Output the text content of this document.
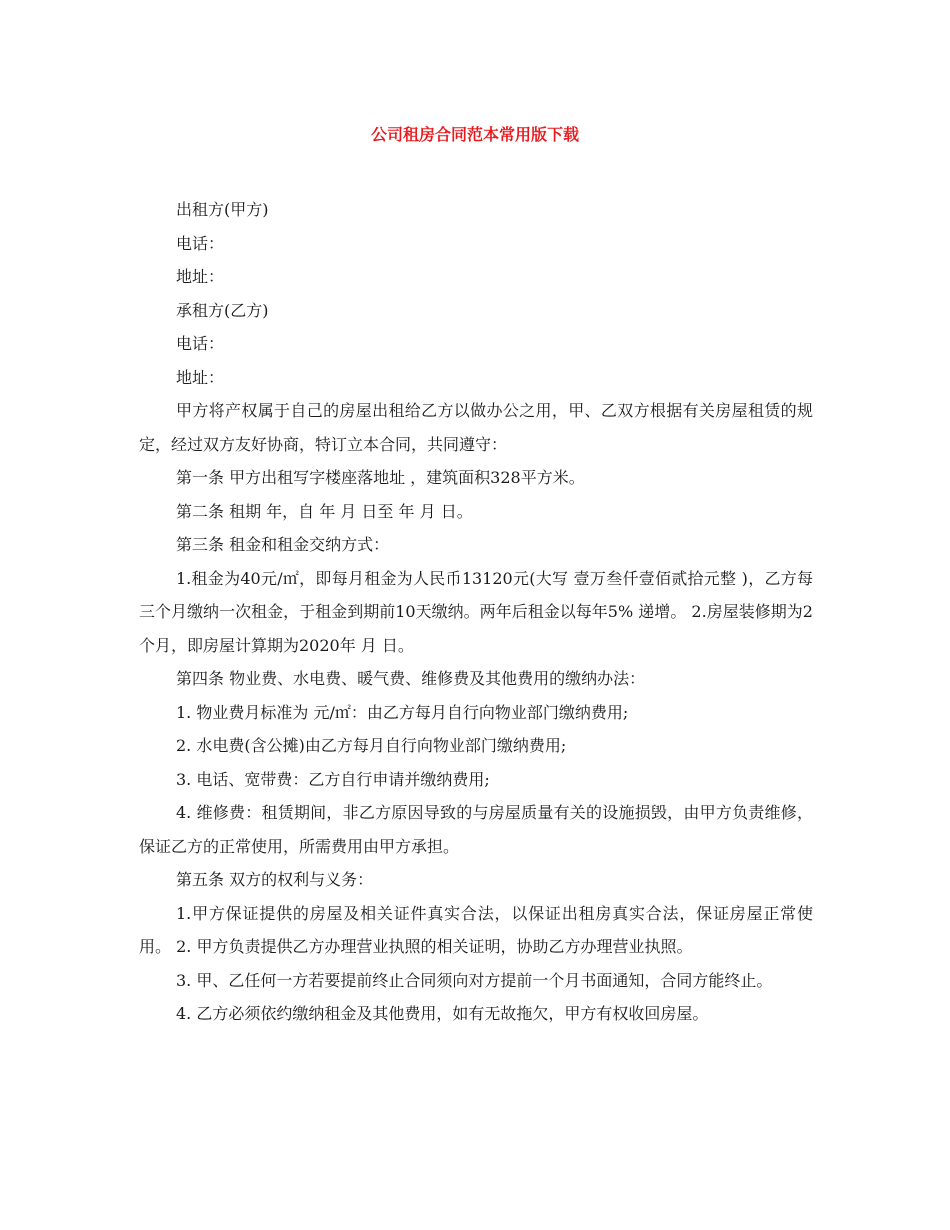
公司租房合同范本常用版下载

出租方(甲方)

电话：

地址：

承租方(乙方)

电话：

地址：

甲方将产权属于自己的房屋出租给乙方以做办公之用，甲、乙双方根据有关房屋租赁的规定，经过双方友好协商，特订立本合同，共同遵守：

第一条 甲方出租写字楼座落地址 ，建筑面积328平方米。

第二条 租期 年，自 年 月 日至 年 月 日。

第三条 租金和租金交纳方式：

1.租金为40元/㎡，即每月租金为人民币13120元(大写 壹万叁仟壹佰贰拾元整 )，乙方每三个月缴纳一次租金，于租金到期前10天缴纳。两年后租金以每年5% 递增。 2.房屋装修期为2个月，即房屋计算期为2020年 月 日。

第四条 物业费、水电费、暖气费、维修费及其他费用的缴纳办法：

1. 物业费月标准为 元/㎡：由乙方每月自行向物业部门缴纳费用;

2. 水电费(含公摊)由乙方每月自行向物业部门缴纳费用;

3. 电话、宽带费：乙方自行申请并缴纳费用;

4. 维修费：租赁期间，非乙方原因导致的与房屋质量有关的设施损毁，由甲方负责维修，保证乙方的正常使用，所需费用由甲方承担。

第五条 双方的权利与义务：

1.甲方保证提供的房屋及相关证件真实合法，以保证出租房真实合法，保证房屋正常使用。 2. 甲方负责提供乙方办理营业执照的相关证明，协助乙方办理营业执照。

3. 甲、乙任何一方若要提前终止合同须向对方提前一个月书面通知，合同方能终止。

4. 乙方必须依约缴纳租金及其他费用，如有无故拖欠，甲方有权收回房屋。
